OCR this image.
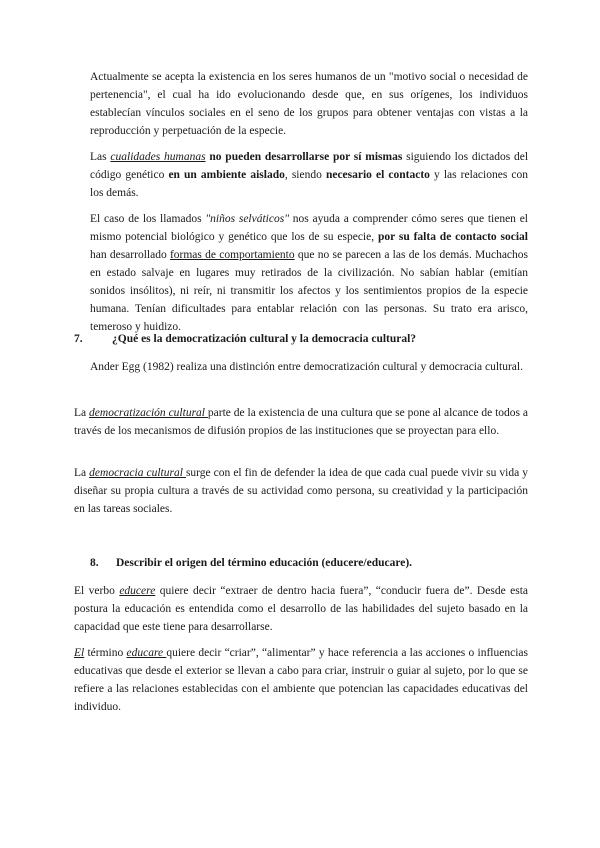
Actualmente se acepta la existencia en los seres humanos de un "motivo social o necesidad de pertenencia", el cual ha ido evolucionando desde que, en sus orígenes, los individuos establecían vínculos sociales en el seno de los grupos para obtener ventajas con vistas a la reproducción y perpetuación de la especie.

Las cualidades humanas no pueden desarrollarse por sí mismas siguiendo los dictados del código genético en un ambiente aislado, siendo necesario el contacto y las relaciones con los demás.

El caso de los llamados "niños selváticos" nos ayuda a comprender cómo seres que tienen el mismo potencial biológico y genético que los de su especie, por su falta de contacto social han desarrollado formas de comportamiento que no se parecen a las de los demás. Muchachos en estado salvaje en lugares muy retirados de la civilización. No sabían hablar (emitían sonidos insólitos), ni reír, ni transmitir los afectos y los sentimientos propios de la especie humana. Tenían dificultades para entablar relación con las personas. Su trato era arisco, temeroso y huidizo.

7.	¿Qué es la democratización cultural y la democracia cultural?

Ander Egg (1982) realiza una distinción entre democratización cultural y democracia cultural.

La democratización cultural parte de la existencia de una cultura que se pone al alcance de todos a través de los mecanismos de difusión propios de las instituciones que se proyectan para ello.

La democracia cultural surge con el fin de defender la idea de que cada cual puede vivir su vida y diseñar su propia cultura a través de su actividad como persona, su creatividad y la participación en las tareas sociales.

8. Describir el origen del término educación (educere/educare).

El verbo educere quiere decir “extraer de dentro hacia fuera”, “conducir fuera de”. Desde esta postura la educación es entendida como el desarrollo de las habilidades del sujeto basado en la capacidad que este tiene para desarrollarse.

El término educare quiere decir “criar”, “alimentar” y hace referencia a las acciones o influencias educativas que desde el exterior se llevan a cabo para criar, instruir o guiar al sujeto, por lo que se refiere a las relaciones establecidas con el ambiente que potencian las capacidades educativas del individuo.
